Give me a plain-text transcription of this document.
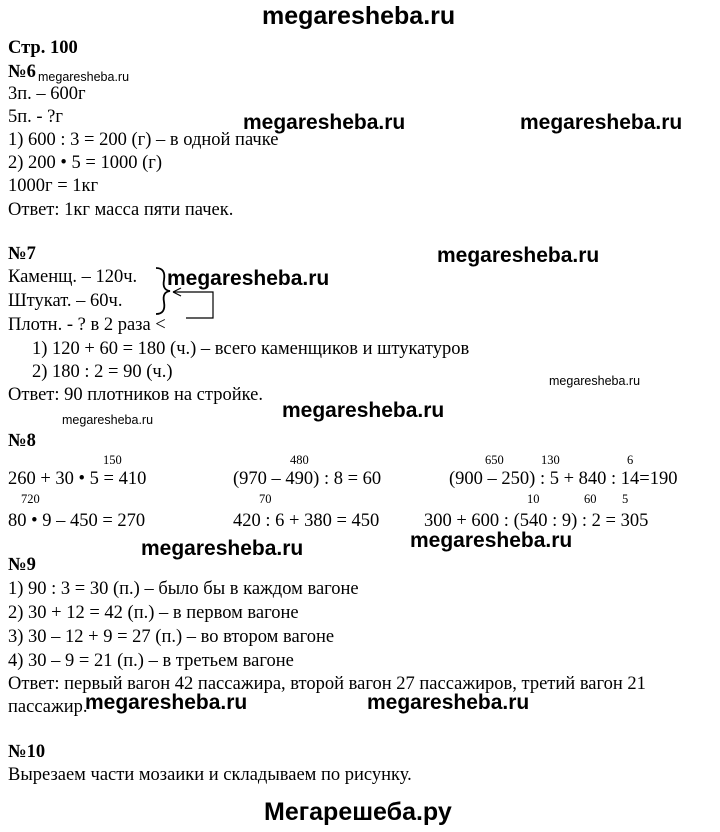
megaresheba.ru
Стр. 100
№6 megaresheba.ru
3п. – 600г
5п. - ?г
1) 600 : 3 = 200 (г) – в одной пачке
2) 200 • 5 = 1000 (г)
1000г = 1кг
Ответ: 1кг масса пяти пачек.
megaresheba.ru	megaresheba.ru
№7	megaresheba.ru
Каменщ. – 120ч.
Штукат. – 60ч.
Плотн. - ? в 2 раза <
megaresheba.ru
1) 120 + 60 = 180 (ч.) – всего каменщиков и штукатуров
2) 180 : 2 = 90 (ч.)	megaresheba.ru
Ответ: 90 плотников на стройке.
megaresheba.ru
megaresheba.ru
№8
150
260 + 30 • 5 = 410
480
(970 – 490) : 8 = 60
650	130	6
(900 – 250) : 5 + 840 : 14=190
720
80 • 9 – 450 = 270
70
420 : 6 + 380 = 450
10	60 5
300 + 600 : (540 : 9) : 2 = 305
megaresheba.ru	megaresheba.ru
№9
1) 90 : 3 = 30 (п.) – было бы в каждом вагоне
2) 30 + 12 = 42 (п.) – в первом вагоне
3) 30 – 12 + 9 = 27 (п.) – во втором вагоне
4) 30 – 9 = 21 (п.) – в третьем вагоне
Ответ: первый вагон 42 пассажира, второй вагон 27 пассажиров, третий вагон 21
пассажир.
megaresheba.ru	megaresheba.ru
№10
Вырезаем части мозаики и складываем по рисунку.
Мегарешеба.ру
